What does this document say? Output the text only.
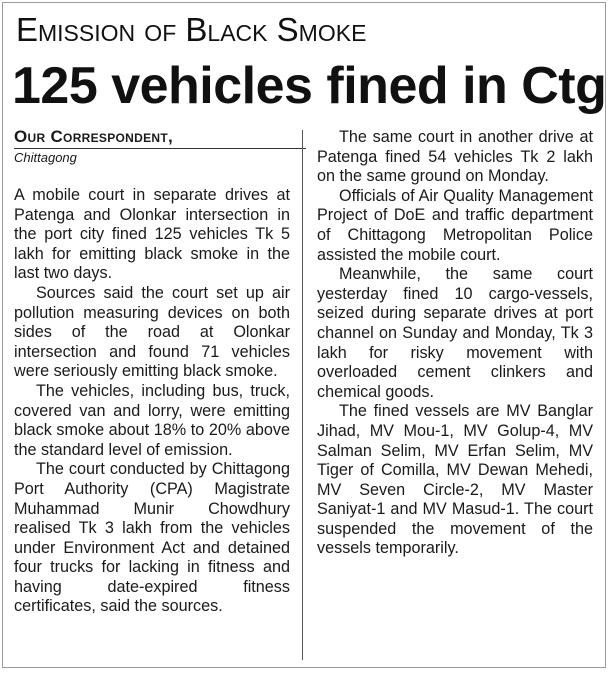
Emission of Black Smoke
125 vehicles fined in Ctg
Our Correspondent,
Chittagong

A mobile court in separate drives at Patenga and Olonkar intersection in the port city fined 125 vehicles Tk 5 lakh for emitting black smoke in the last two days.

Sources said the court set up air pollution measuring devices on both sides of the road at Olonkar intersection and found 71 vehicles were seriously emitting black smoke.

The vehicles, including bus, truck, covered van and lorry, were emitting black smoke about 18% to 20% above the standard level of emission.

The court conducted by Chittagong Port Authority (CPA) Magistrate Muhammad Munir Chowdhury realised Tk 3 lakh from the vehicles under Environment Act and detained four trucks for lacking in fitness and having date-expired fitness certificates, said the sources.

The same court in another drive at Patenga fined 54 vehicles Tk 2 lakh on the same ground on Monday.

Officials of Air Quality Management Project of DoE and traffic department of Chittagong Metropolitan Police assisted the mobile court.

Meanwhile, the same court yesterday fined 10 cargo-vessels, seized during separate drives at port channel on Sunday and Monday, Tk 3 lakh for risky movement with overloaded cement clinkers and chemical goods.

The fined vessels are MV Banglar Jihad, MV Mou-1, MV Golup-4, MV Salman Selim, MV Erfan Selim, MV Tiger of Comilla, MV Dewan Mehedi, MV Seven Circle-2, MV Master Saniyat-1 and MV Masud-1. The court suspended the movement of the vessels temporarily.
